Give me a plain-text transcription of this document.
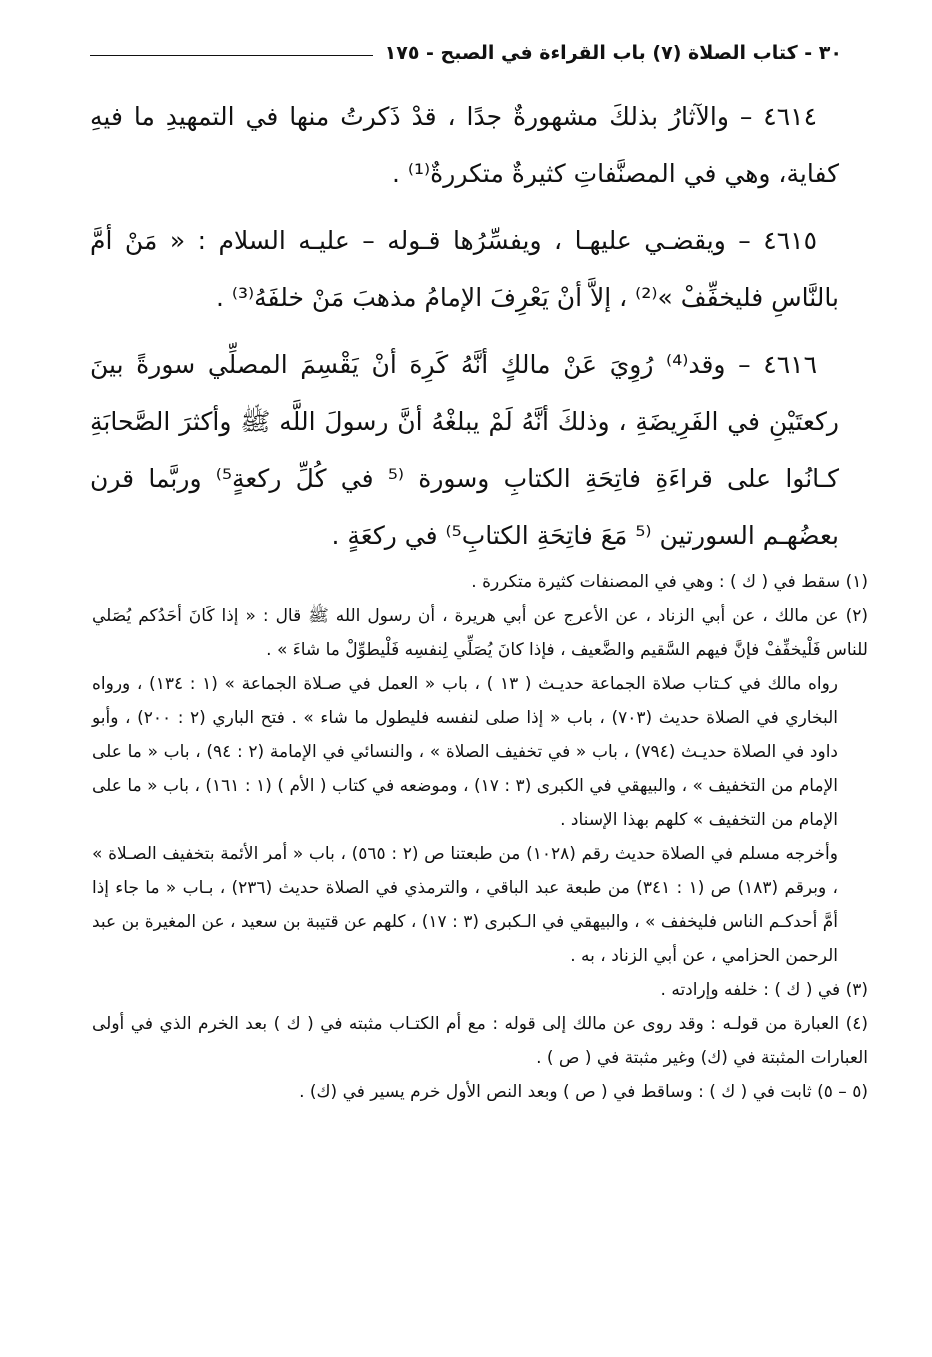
٣٠ - كتاب الصلاة (٧) باب القراءة في الصبح - ١٧٥

٤٦١٤ – والآثارُ بذلكَ مشهورةٌ جدًا ، قدْ ذَكرتُ منها في التمهيدِ ما فيهِ كفاية، وهي في المصنَّفاتِ كثيرةٌ متكررةٌ⁽¹⁾ .

٤٦١٥ – ويقضـي عليهـا ، ويفسِّرُها قـوله – عليـه السلام : « مَنْ أمَّ بالنَّاسِ فليخفِّفْ »⁽²⁾ ، إلاَّ أنْ يَعْرِفَ الإمامُ مذهبَ مَنْ خلفَهُ⁽³⁾ .

٤٦١٦ – وقد⁽⁴⁾ رُوِيَ عَنْ مالكٍ أنَّهُ كَرِهَ أنْ يَقْسِمَ المصلِّي سورةً بينَ ركعتَيْنِ في الفَرِيضَةِ ، وذلكَ أنَّهُ لَمْ يبلغْهُ أنَّ رسولَ اللَّه ﷺ وأكثرَ الصَّحابَةِ كـانُوا على قراءَةِ فاتِحَةِ الكتابِ وسورة ⁽⁵ في كُلِّ ركعةٍ⁵⁾ وربَّما قرن بعضُهـم السورتين ⁽⁵ مَعَ فاتِحَةِ الكتابِ⁵⁾ في ركعَةٍ .

(١) سقط في ( ك ) : وهي في المصنفات كثيرة متكررة .

(٢) عن مالك ، عن أبي الزناد ، عن الأعرج عن أبي هريرة ، أن رسول الله ﷺ قال : « إذا كَانَ أحَدُكم يُصَلي للناس فَلْيخفِّفْ فإنَّ فيهم السَّقيم والضَّعيف ، فإذا كانَ يُصَلِّي لِنفسِه فَلْيطوِّلْ ما شاءَ » .

رواه مالك في كـتاب صلاة الجماعة حديـث ( ١٣ ) ، باب « العمل في صـلاة الجماعة » (١ : ١٣٤) ، ورواه البخاري في الصلاة حديث (٧٠٣) ، باب « إذا صلى لنفسه فليطول ما شاء » . فتح الباري (٢ : ٢٠٠) ، وأبو داود في الصلاة حديـث (٧٩٤) ، باب « في تخفيف الصلاة » ، والنسائي في الإمامة (٢ : ٩٤) ، باب « ما على الإمام من التخفيف » ، والبيهقي في الكبرى (٣ : ١٧) ، وموضعه في كتاب ( الأم ) (١ : ١٦١) ، باب « ما على الإمام من التخفيف » كلهم بهذا الإسناد .

وأخرجه مسلم في الصلاة حديث رقم (١٠٢٨) من طبعتنا ص (٢ : ٥٦٥) ، باب « أمر الأئمة بتخفيف الصـلاة » ، وبرقم (١٨٣) ص (١ : ٣٤١) من طبعة عبد الباقي ، والترمذي في الصلاة حديث (٢٣٦) ، بـاب « ما جاء إذا أمَّ أحدكـم الناس فليخفف » ، والبيهقي في الـكبرى (٣ : ١٧) ، كلهم عن قتيبة بن سعيد ، عن المغيرة بن عبد الرحمن الحزامي ، عن أبي الزناد ، به .

(٣) في ( ك ) : خلفه وإرادته .

(٤) العبارة من قولـه : وقد روى عن مالك إلى قوله : مع أم الكتـاب مثبته في ( ك ) بعد الخرم الذي في أولى العبارات المثبتة في (ك) وغير مثبتة في ( ص ) .

(٥ – ٥) ثابت في ( ك ) : وساقط في ( ص ) وبعد النص الأول خرم يسير في (ك) .
